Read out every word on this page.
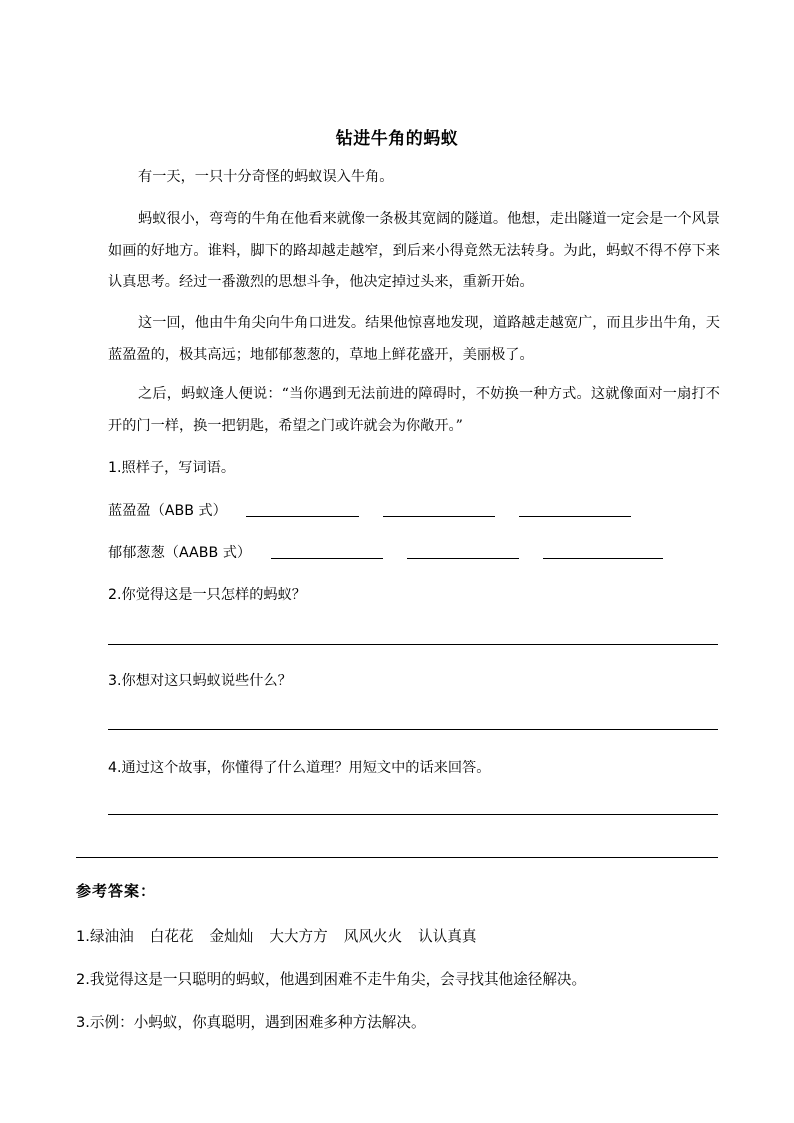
钻进牛角的蚂蚁
有一天，一只十分奇怪的蚂蚁误入牛角。
蚂蚁很小，弯弯的牛角在他看来就像一条极其宽阔的隧道。他想，走出隧道一定会是一个风景如画的好地方。谁料，脚下的路却越走越窄，到后来小得竟然无法转身。为此，蚂蚁不得不停下来认真思考。经过一番激烈的思想斗争，他决定掉过头来，重新开始。
这一回，他由牛角尖向牛角口进发。结果他惊喜地发现，道路越走越宽广，而且步出牛角，天蓝盈盈的，极其高远；地郁郁葱葱的，草地上鲜花盛开，美丽极了。
之后，蚂蚁逢人便说：“当你遇到无法前进的障碍时，不妨换一种方式。这就像面对一扇打不开的门一样，换一把钥匙，希望之门或许就会为你敞开。”
1.照样子，写词语。
蓝盈盈（ABB 式）
郁郁葱葱（AABB 式）
2.你觉得这是一只怎样的蚂蚁？
3.你想对这只蚂蚁说些什么？
4.通过这个故事，你懂得了什么道理？用短文中的话来回答。
参考答案：
1.绿油油 白花花 金灿灿 大大方方 风风火火 认认真真
2.我觉得这是一只聪明的蚂蚁，他遇到困难不走牛角尖，会寻找其他途径解决。
3.示例：小蚂蚁，你真聪明，遇到困难多种方法解决。
